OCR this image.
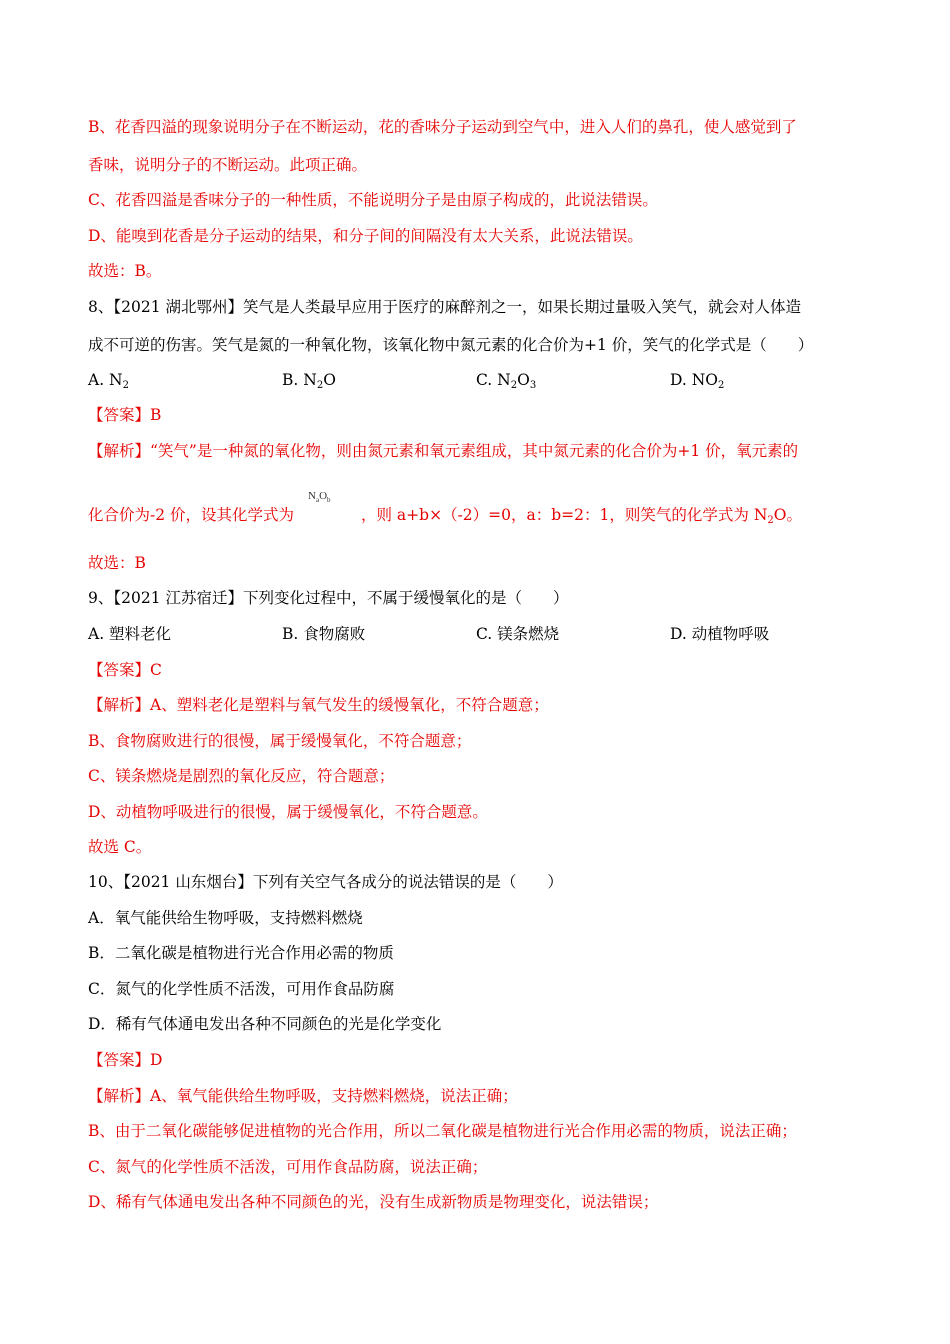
B、花香四溢的现象说明分子在不断运动，花的香味分子运动到空气中，进入人们的鼻孔，使人感觉到了
香味，说明分子的不断运动。此项正确。
C、花香四溢是香味分子的一种性质，不能说明分子是由原子构成的，此说法错误。
D、能嗅到花香是分子运动的结果，和分子间的间隔没有太大关系，此说法错误。
故选：B。
8、【2021 湖北鄂州】笑气是人类最早应用于医疗的麻醉剂之一，如果长期过量吸入笑气，就会对人体造
成不可逆的伤害。笑气是氮的一种氧化物，该氧化物中氮元素的化合价为+1 价，笑气的化学式是（　　）
A. $N_2$	B. $N_2O$	C. $N_2O_3$	D. $NO_2$
【答案】B
【解析】“笑气”是一种氮的氧化物，则由氮元素和氧元素组成，其中氮元素的化合价为+1 价，氧元素的
$N_aO_b$
化合价为-2 价，设其化学式为	，则 a+b×（-2）=0，a：b=2：1，则笑气的化学式为 $N_2O$。
故选：B
9、【2021 江苏宿迁】下列变化过程中，不属于缓慢氧化的是（　　）
A. 塑料老化	B. 食物腐败	C. 镁条燃烧	D. 动植物呼吸
【答案】C
【解析】A、塑料老化是塑料与氧气发生的缓慢氧化，不符合题意；
B、食物腐败进行的很慢，属于缓慢氧化，不符合题意；
C、镁条燃烧是剧烈的氧化反应，符合题意；
D、动植物呼吸进行的很慢，属于缓慢氧化，不符合题意。
故选 C。
10、【2021 山东烟台】下列有关空气各成分的说法错误的是（　　）
A．氧气能供给生物呼吸，支持燃料燃烧
B．二氧化碳是植物进行光合作用必需的物质
C．氮气的化学性质不活泼，可用作食品防腐
D．稀有气体通电发出各种不同颜色的光是化学变化
【答案】D
【解析】A、氧气能供给生物呼吸，支持燃料燃烧，说法正确；
B、由于二氧化碳能够促进植物的光合作用，所以二氧化碳是植物进行光合作用必需的物质，说法正确；
C、氮气的化学性质不活泼，可用作食品防腐，说法正确；
D、稀有气体通电发出各种不同颜色的光，没有生成新物质是物理变化，说法错误；
